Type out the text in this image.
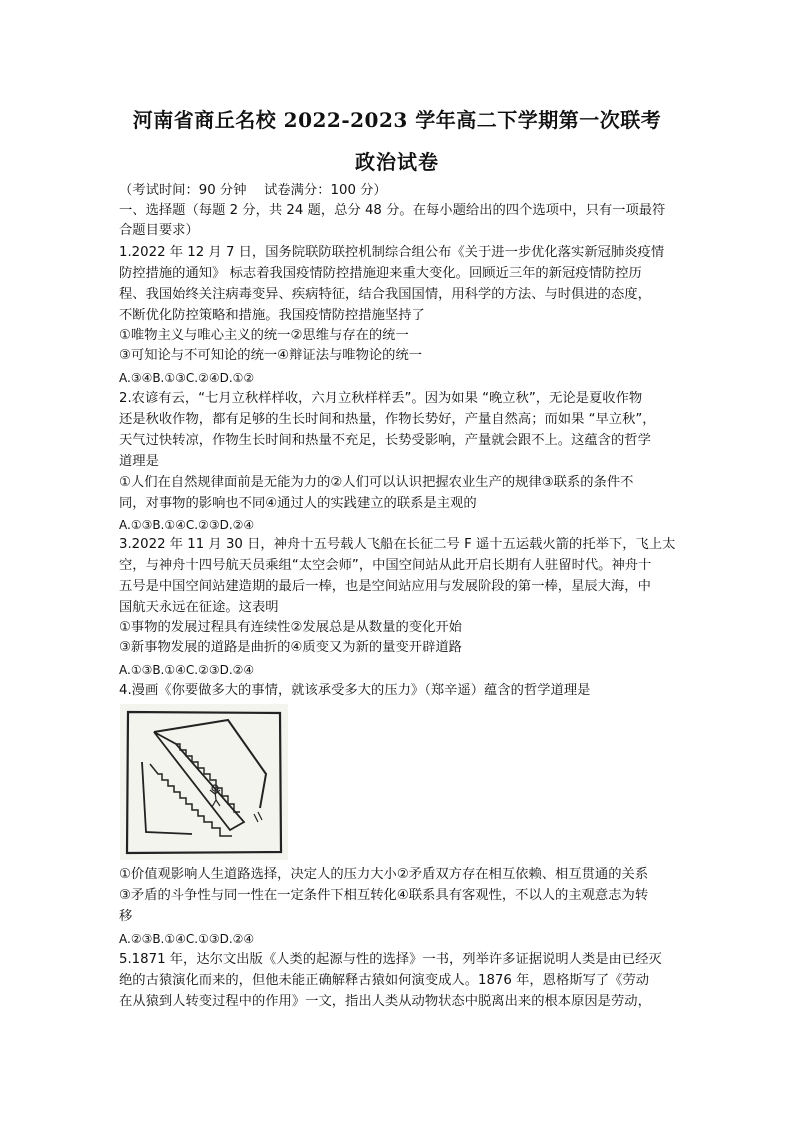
河南省商丘名校 2022-2023 学年高二下学期第一次联考
政治试卷
（考试时间：90 分钟　 试卷满分：100 分）
一、选择题（每题 2 分，共 24 题，总分 48 分。在每小题给出的四个选项中，只有一项最符
合题目要求）
1.2022 年 12 月 7 日，国务院联防联控机制综合组公布《关于进一步优化落实新冠肺炎疫情
防控措施的通知》 标志着我国疫情防控措施迎来重大变化。回顾近三年的新冠疫情防控历
程、我国始终关注病毒变异、疾病特征，结合我国国情，用科学的方法、与时俱进的态度，
不断优化防控策略和措施。我国疫情防控措施坚持了
①唯物主义与唯心主义的统一②思维与存在的统一
③可知论与不可知论的统一④辩证法与唯物论的统一
A.③④B.①③C.②④D.①②
2.农谚有云，“七月立秋样样收，六月立秋样样丢”。因为如果 “晚立秋”，无论是夏收作物
还是秋收作物，都有足够的生长时间和热量，作物长势好，产量自然高；而如果 “早立秋”，
天气过快转凉，作物生长时间和热量不充足，长势受影响，产量就会跟不上。这蕴含的哲学
道理是
①人们在自然规律面前是无能为力的②人们可以认识把握农业生产的规律③联系的条件不
同，对事物的影响也不同④通过人的实践建立的联系是主观的
A.①③B.①④C.②③D.②④
3.2022 年 11 月 30 日，神舟十五号载人飞船在长征二号 F 遥十五运载火箭的托举下，飞上太
空，与神舟十四号航天员乘组“太空会师”，中国空间站从此开启长期有人驻留时代。神舟十
五号是中国空间站建造期的最后一棒，也是空间站应用与发展阶段的第一棒，星辰大海，中
国航天永远在征途。这表明
①事物的发展过程具有连续性②发展总是从数量的变化开始
③新事物发展的道路是曲折的④质变又为新的量变开辟道路
A.①③B.①④C.②③D.②④
4.漫画《你要做多大的事情，就该承受多大的压力》（郑辛遥）蕴含的哲学道理是
①价值观影响人生道路选择，决定人的压力大小②矛盾双方存在相互依赖、相互贯通的关系
③矛盾的斗争性与同一性在一定条件下相互转化④联系具有客观性，不以人的主观意志为转
移
A.②③B.①④C.①③D.②④
5.1871 年，达尔文出版《人类的起源与性的选择》一书，列举许多证据说明人类是由已经灭
绝的古猿演化而来的，但他未能正确解释古猿如何演变成人。1876 年，恩格斯写了《劳动
在从猿到人转变过程中的作用》一文，指出人类从动物状态中脱离出来的根本原因是劳动，
